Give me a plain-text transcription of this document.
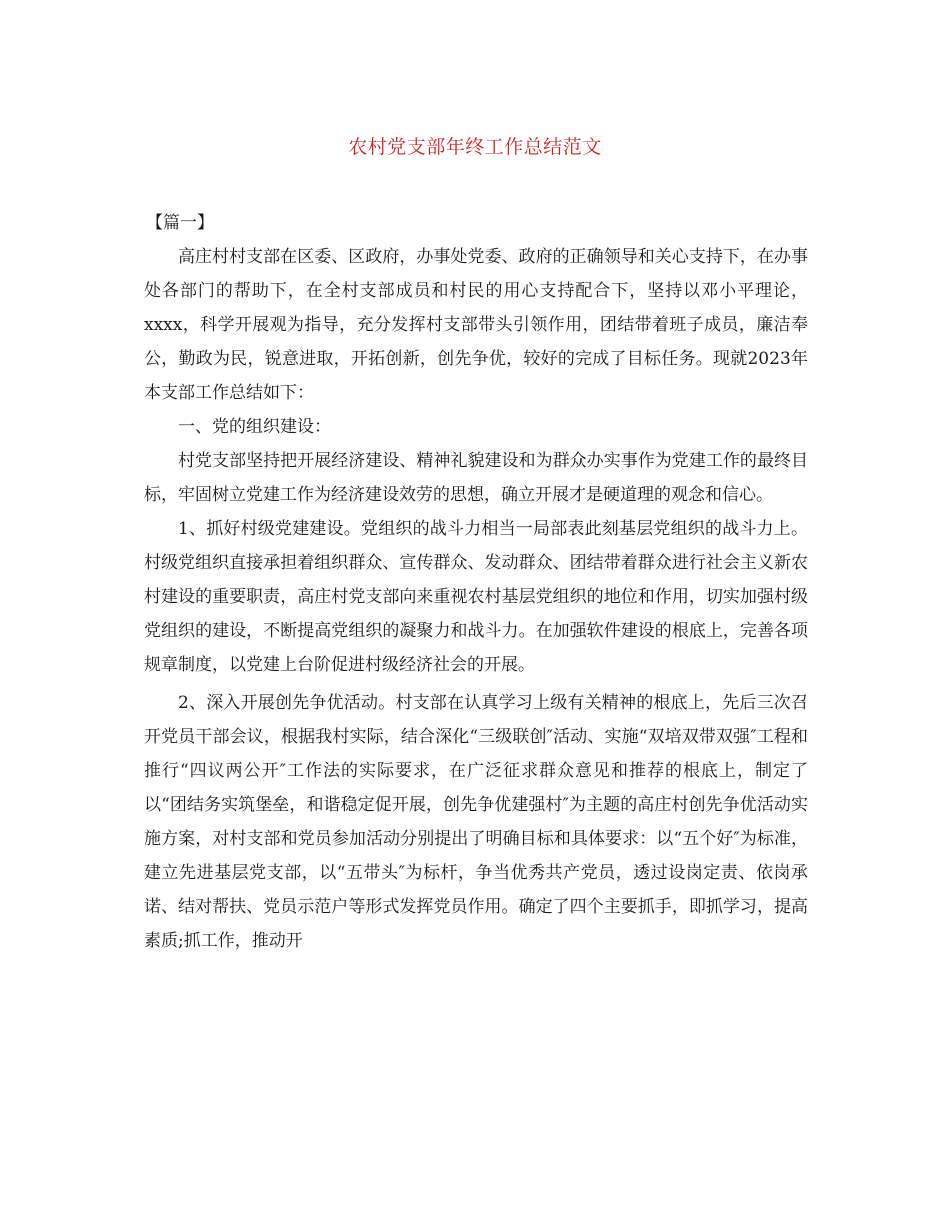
农村党支部年终工作总结范文

【篇一】

高庄村村支部在区委、区政府，办事处党委、政府的正确领导和关心支持下，在办事处各部门的帮助下，在全村支部成员和村民的用心支持配合下，坚持以邓小平理论，xxxx，科学开展观为指导，充分发挥村支部带头引领作用，团结带着班子成员，廉洁奉公，勤政为民，锐意进取，开拓创新，创先争优，较好的完成了目标任务。现就2023年本支部工作总结如下：

一、党的组织建设：

村党支部坚持把开展经济建设、精神礼貌建设和为群众办实事作为党建工作的最终目标，牢固树立党建工作为经济建设效劳的思想，确立开展才是硬道理的观念和信心。

1、抓好村级党建建设。党组织的战斗力相当一局部表此刻基层党组织的战斗力上。村级党组织直接承担着组织群众、宣传群众、发动群众、团结带着群众进行社会主义新农村建设的重要职责，高庄村党支部向来重视农村基层党组织的地位和作用，切实加强村级党组织的建设，不断提高党组织的凝聚力和战斗力。在加强软件建设的根底上，完善各项规章制度，以党建上台阶促进村级经济社会的开展。

2、深入开展创先争优活动。村支部在认真学习上级有关精神的根底上，先后三次召开党员干部会议，根据我村实际，结合深化“三级联创″活动、实施“双培双带双强″工程和推行“四议两公开″工作法的实际要求，在广泛征求群众意见和推荐的根底上，制定了以“团结务实筑堡垒，和谐稳定促开展，创先争优建强村″为主题的高庄村创先争优活动实施方案，对村支部和党员参加活动分别提出了明确目标和具体要求：以“五个好″为标准，建立先进基层党支部，以“五带头″为标杆，争当优秀共产党员，透过设岗定责、依岗承诺、结对帮扶、党员示范户等形式发挥党员作用。确定了四个主要抓手，即抓学习，提高素质;抓工作，推动开
